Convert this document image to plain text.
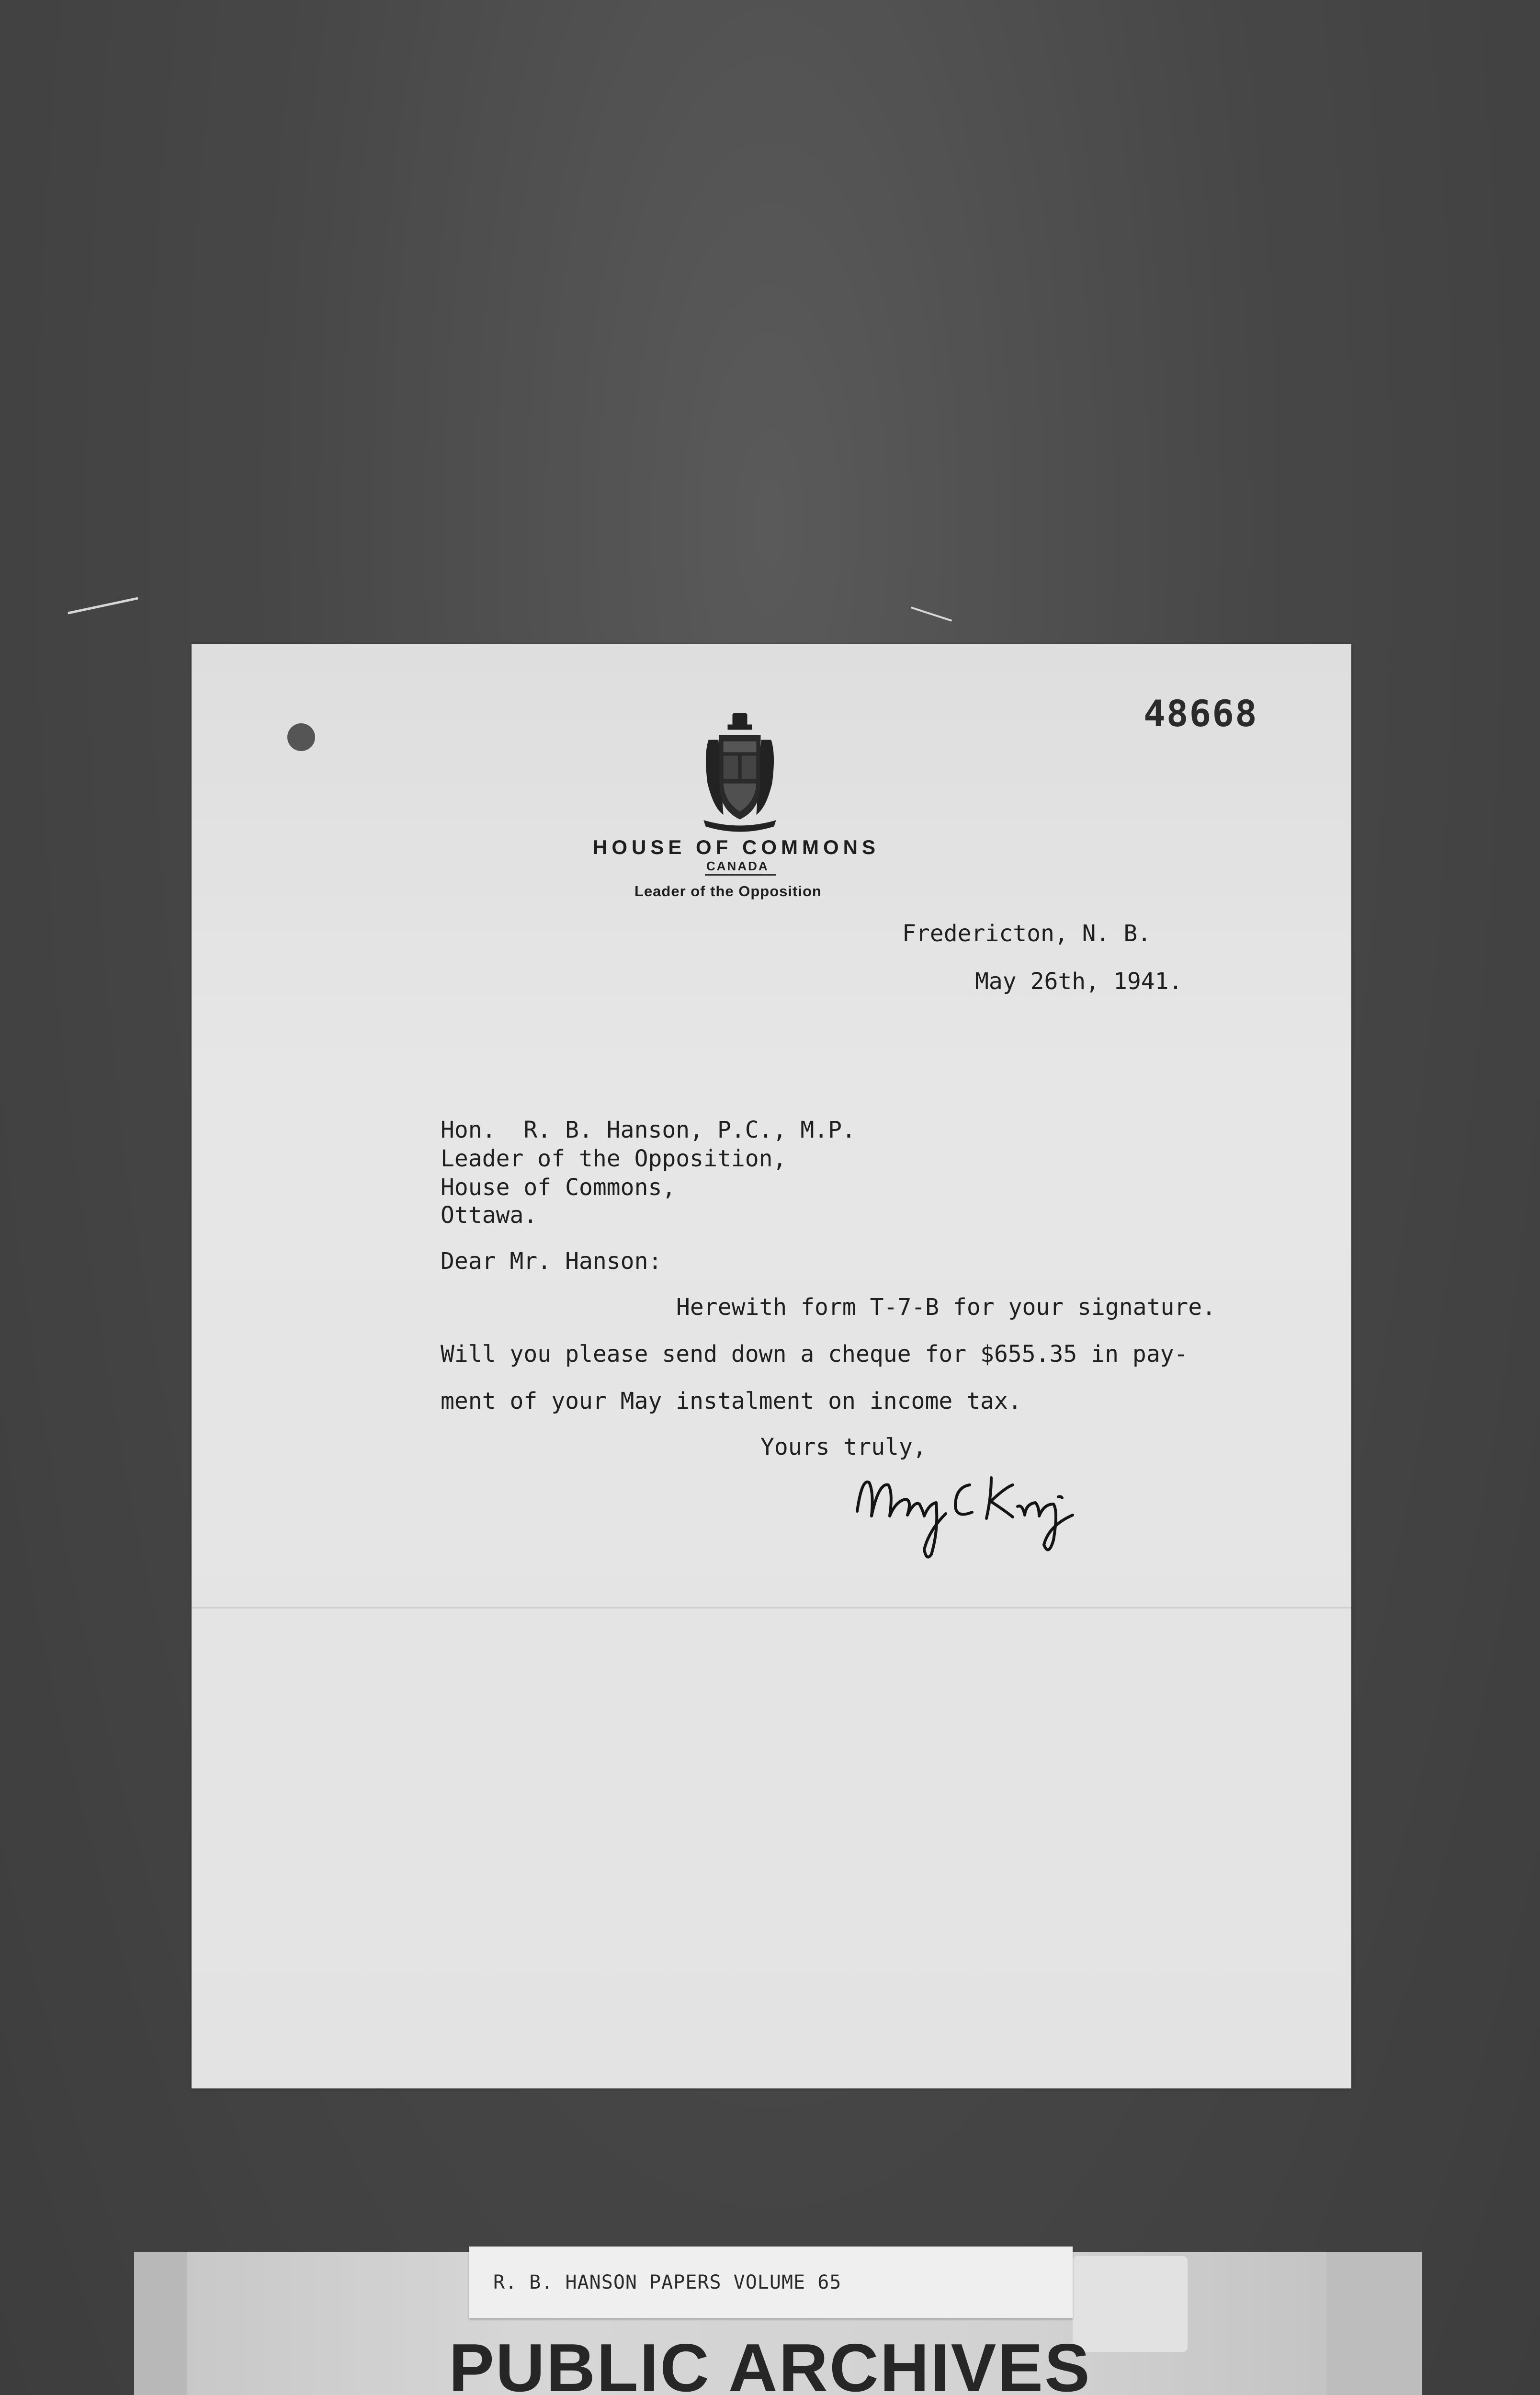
48668
HOUSE OF COMMONS
CANADA
Leader of the Opposition
Fredericton, N. B.
May 26th, 1941.
Hon.  R. B. Hanson, P.C., M.P.
Leader of the Opposition,
House of Commons,
Ottawa.
Dear Mr. Hanson:
Herewith form T-7-B for your signature.
Will you please send down a cheque for $655.35 in pay-
ment of your May instalment on income tax.
Yours truly,
R. B. HANSON PAPERS VOLUME 65
PUBLIC ARCHIVES
